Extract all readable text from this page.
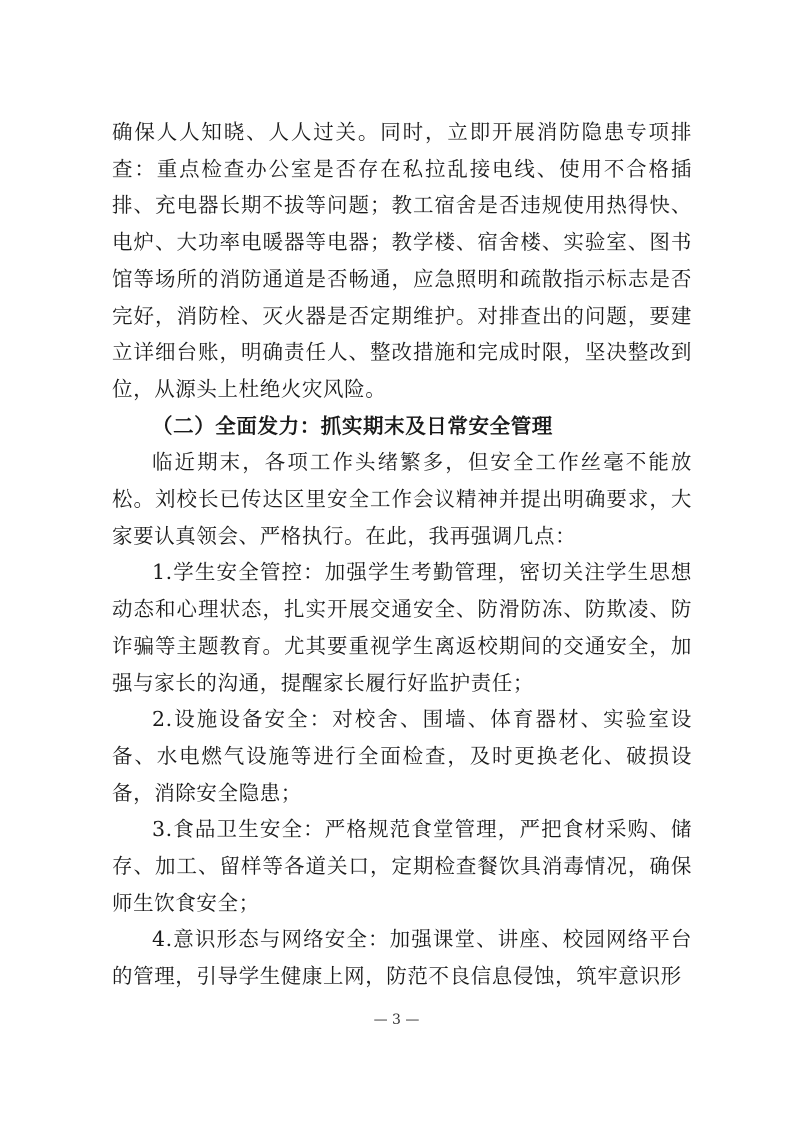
确保人人知晓、人人过关。同时，立即开展消防隐患专项排查：重点检查办公室是否存在私拉乱接电线、使用不合格插排、充电器长期不拔等问题；教工宿舍是否违规使用热得快、电炉、大功率电暖器等电器；教学楼、宿舍楼、实验室、图书馆等场所的消防通道是否畅通，应急照明和疏散指示标志是否完好，消防栓、灭火器是否定期维护。对排查出的问题，要建立详细台账，明确责任人、整改措施和完成时限，坚决整改到位，从源头上杜绝火灾风险。

（二）全面发力：抓实期末及日常安全管理

临近期末，各项工作头绪繁多，但安全工作丝毫不能放松。刘校长已传达区里安全工作会议精神并提出明确要求，大家要认真领会、严格执行。在此，我再强调几点：

1.学生安全管控：加强学生考勤管理，密切关注学生思想动态和心理状态，扎实开展交通安全、防滑防冻、防欺凌、防诈骗等主题教育。尤其要重视学生离返校期间的交通安全，加强与家长的沟通，提醒家长履行好监护责任；

2.设施设备安全：对校舍、围墙、体育器材、实验室设备、水电燃气设施等进行全面检查，及时更换老化、破损设备，消除安全隐患；

3.食品卫生安全：严格规范食堂管理，严把食材采购、储存、加工、留样等各道关口，定期检查餐饮具消毒情况，确保师生饮食安全；

4.意识形态与网络安全：加强课堂、讲座、校园网络平台的管理，引导学生健康上网，防范不良信息侵蚀，筑牢意识形

— 3 —
